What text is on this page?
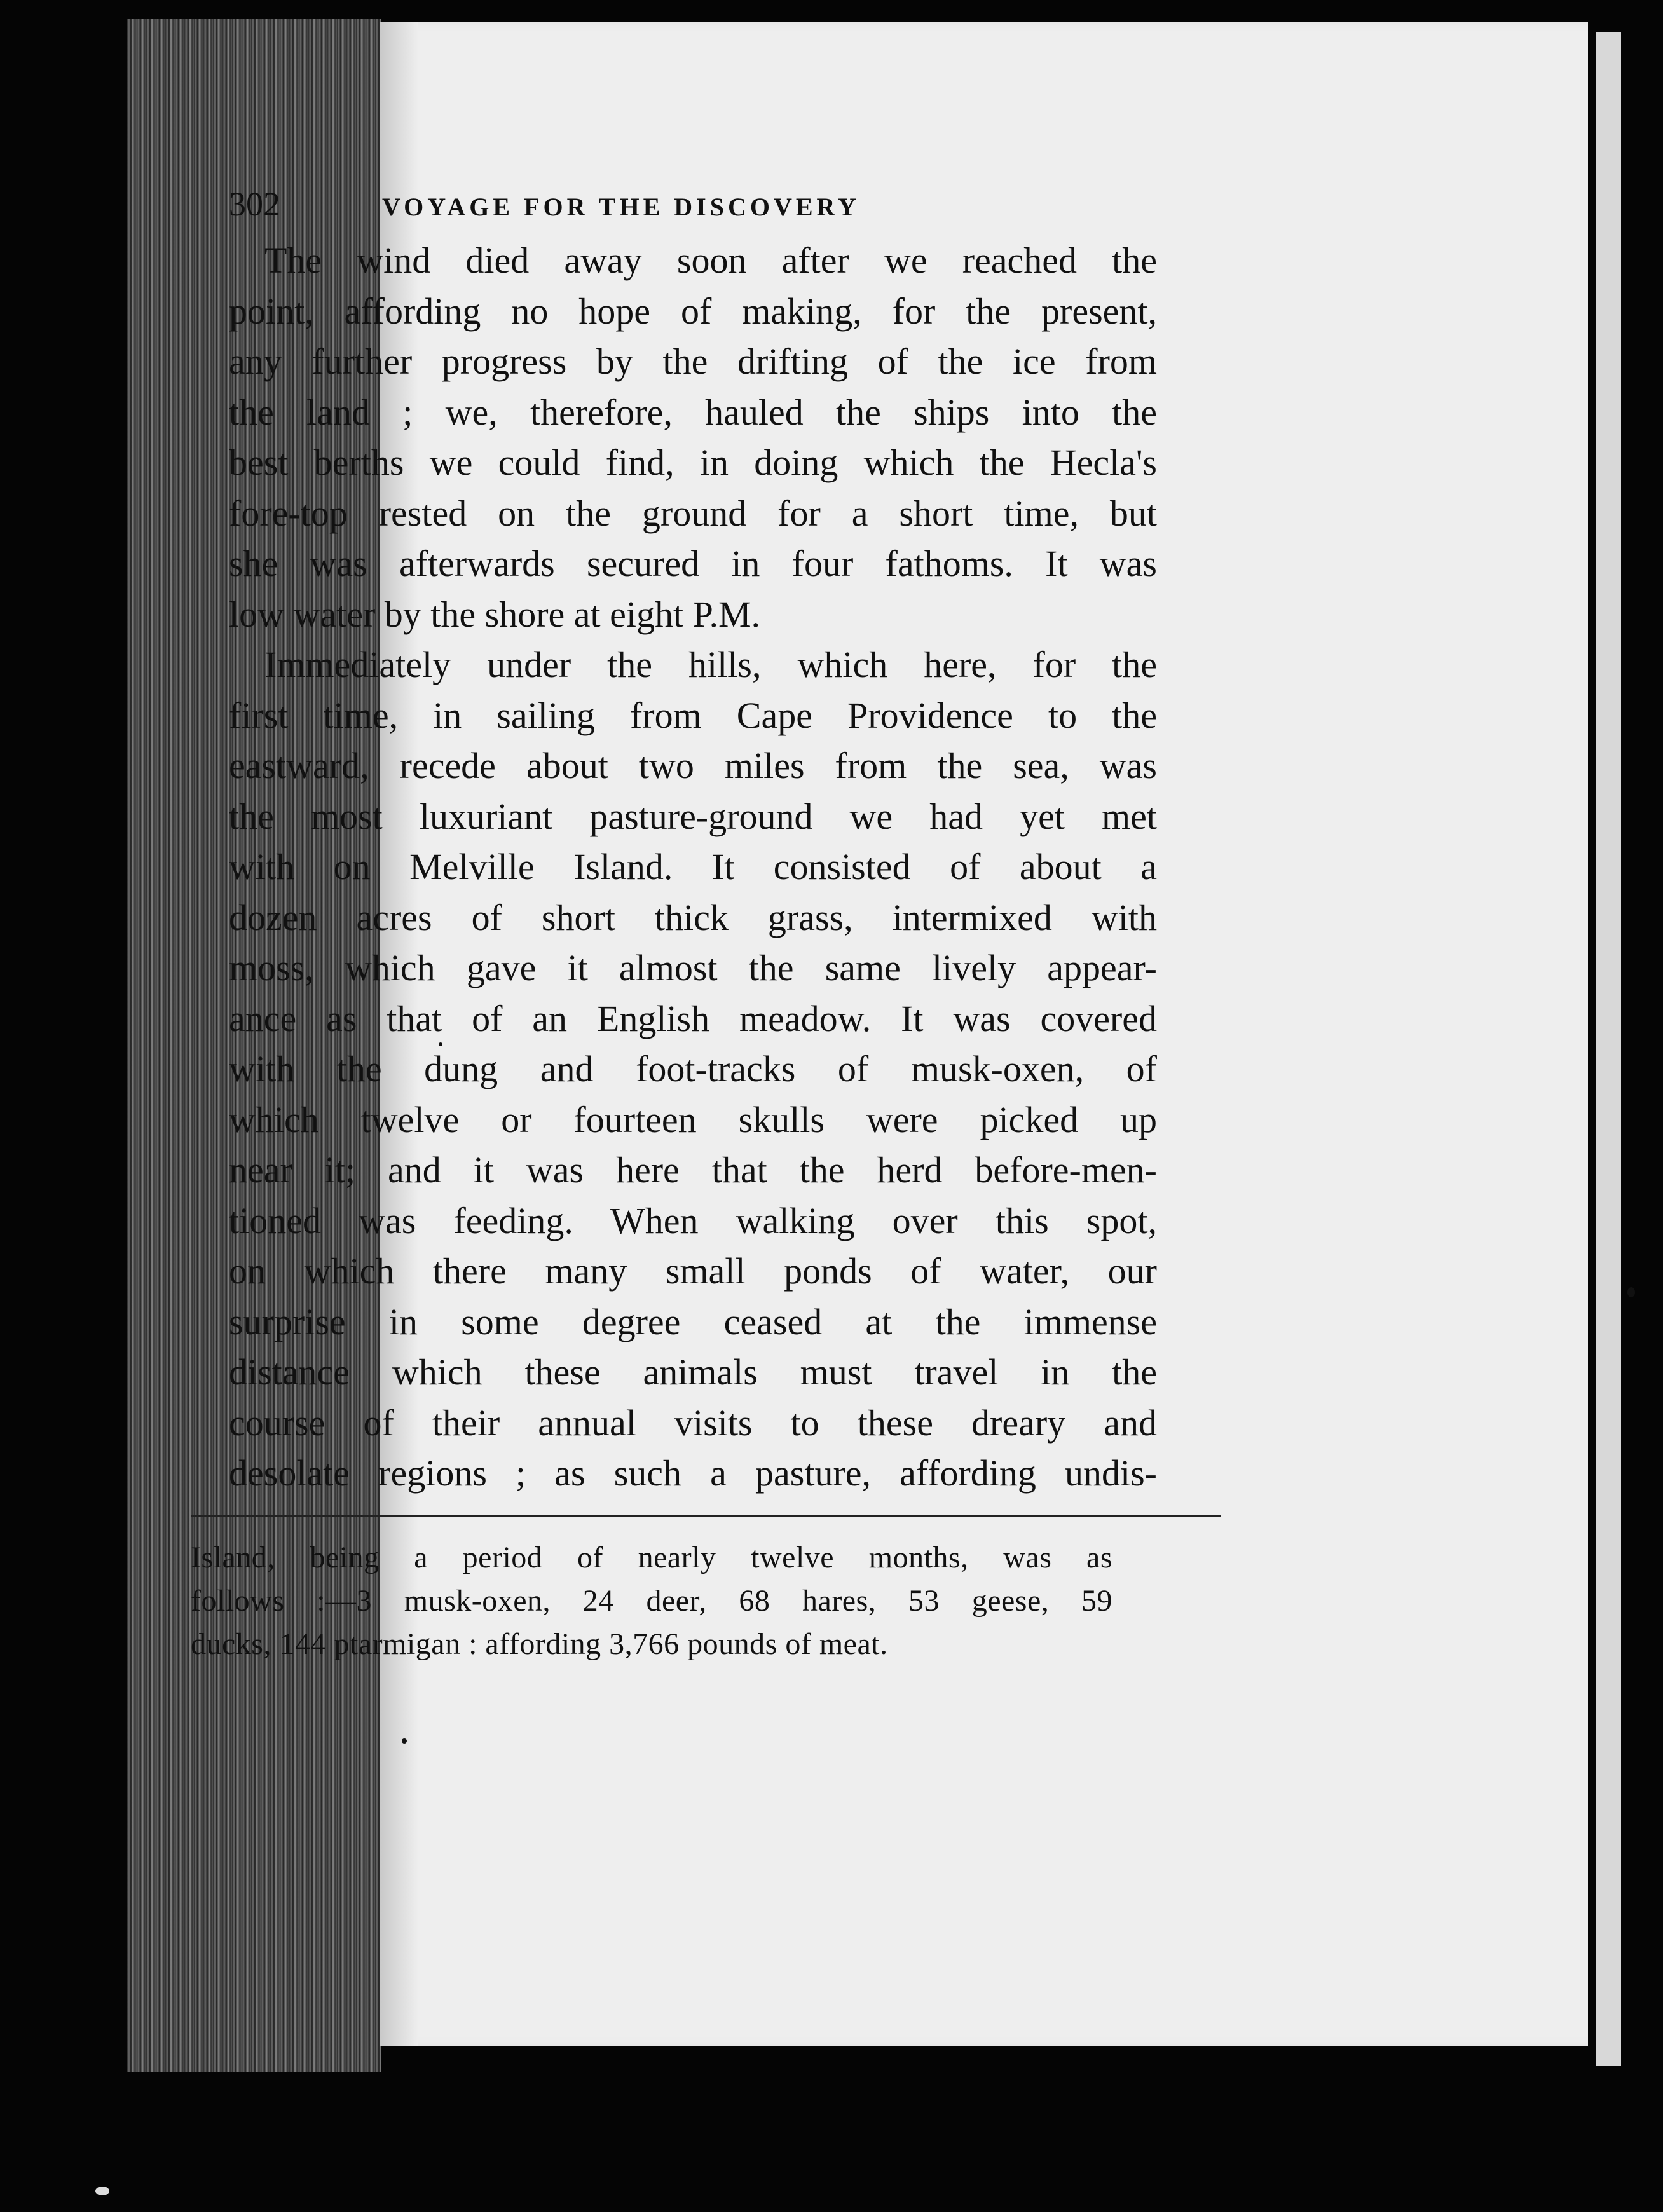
302	VOYAGE FOR THE DISCOVERY
The wind died away soon after we reached the
point, affording no hope of making, for the present,
any further progress by the drifting of the ice from
the land ; we, therefore, hauled the ships into the
best berths we could find, in doing which the Hecla's
fore-top rested on the ground for a short time, but
she was afterwards secured in four fathoms. It was
low water by the shore at eight P.M.
Immediately under the hills, which here, for the
first time, in sailing from Cape Providence to the
eastward, recede about two miles from the sea, was
the most luxuriant pasture-ground we had yet met
with on Melville Island. It consisted of about a
dozen acres of short thick grass, intermixed with
moss, which gave it almost the same lively appear-
ance as that of an English meadow. It was covered
with the dung and foot-tracks of musk-oxen, of
which twelve or fourteen skulls were picked up
near it; and it was here that the herd before-men-
tioned was feeding. When walking over this spot,
on which there many small ponds of water, our
surprise in some degree ceased at the immense
distance which these animals must travel in the
course of their annual visits to these dreary and
desolate regions ; as such a pasture, affording undis-
Island, being a period of nearly twelve months, was as
follows :—3 musk-oxen, 24 deer, 68 hares, 53 geese, 59
ducks, 144 ptarmigan : affording 3,766 pounds of meat.
